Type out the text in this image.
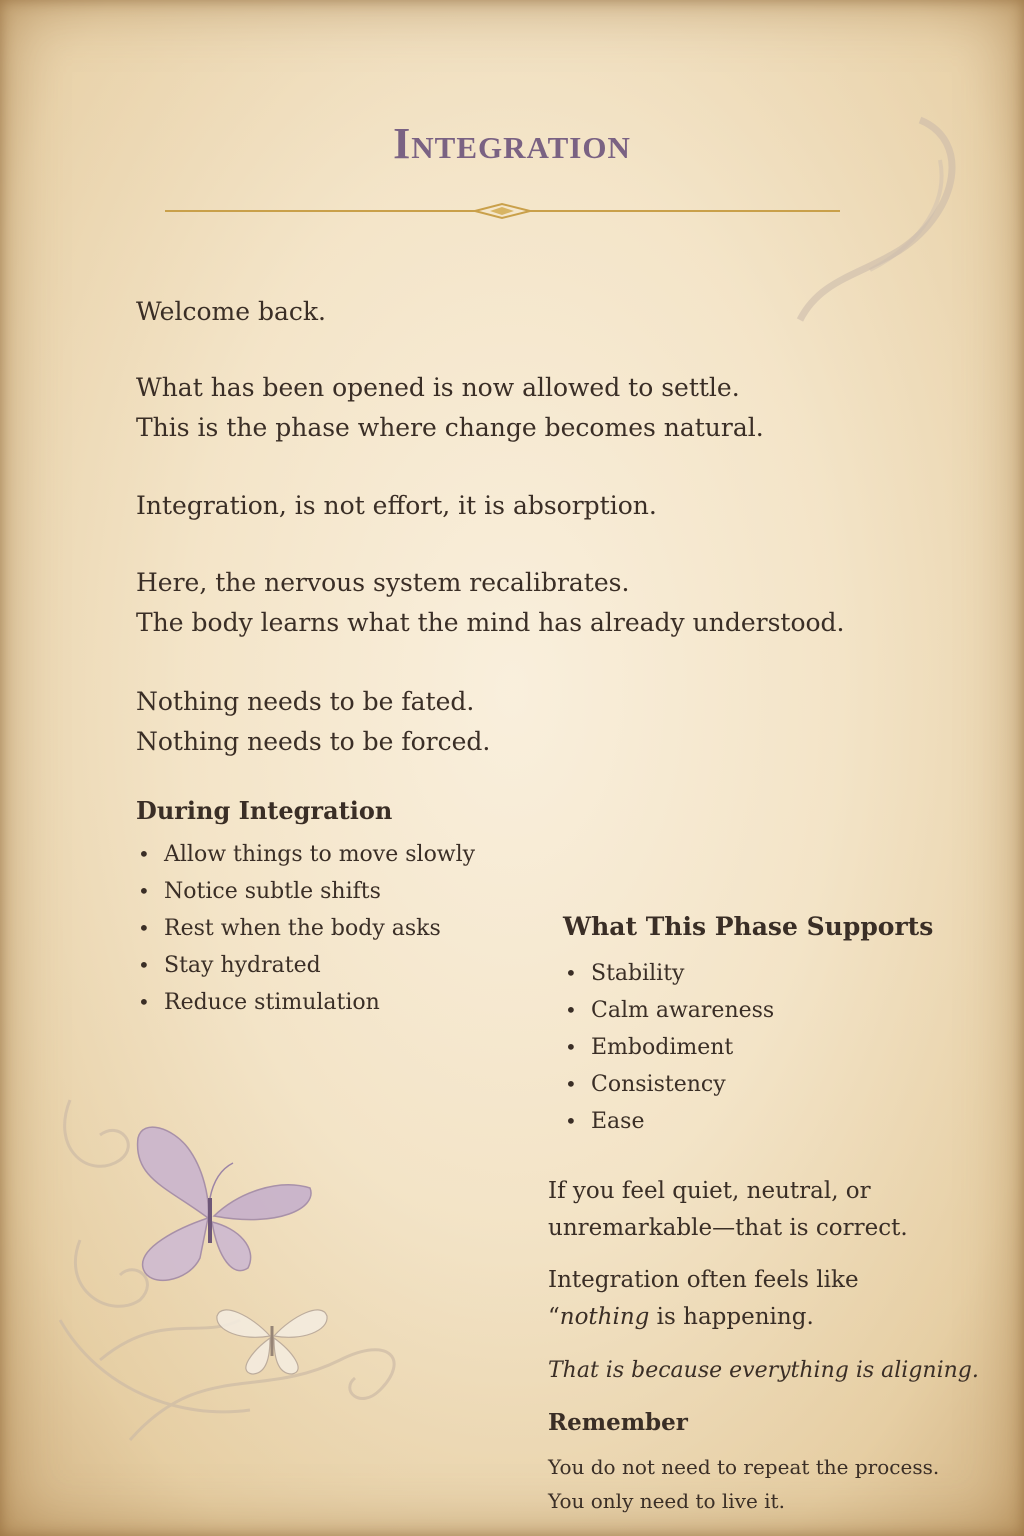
Integration

Welcome back.

What has been opened is now allowed to settle.

This is the phase where change becomes natural.

Integration, is not effort, it is absorption.

Here, the nervous system recalibrates.

The body learns what the mind has already understood.

Nothing needs to be fated.

Nothing needs to be forced.

During Integration
• Allow things to move slowly
• Notice subtle shifts
• Rest when the body asks
• Stay hydrated
• Reduce stimulation
What This Phase Supports
• Stability
• Calm awareness
• Embodiment
• Consistency
• Ease

If you feel quiet, neutral, or

unremarkable—that is correct.

Integration often feels like

“nothing is happening.

That is because everything is aligning.

Remember

You do not need to repeat the process.

You only need to live it.
